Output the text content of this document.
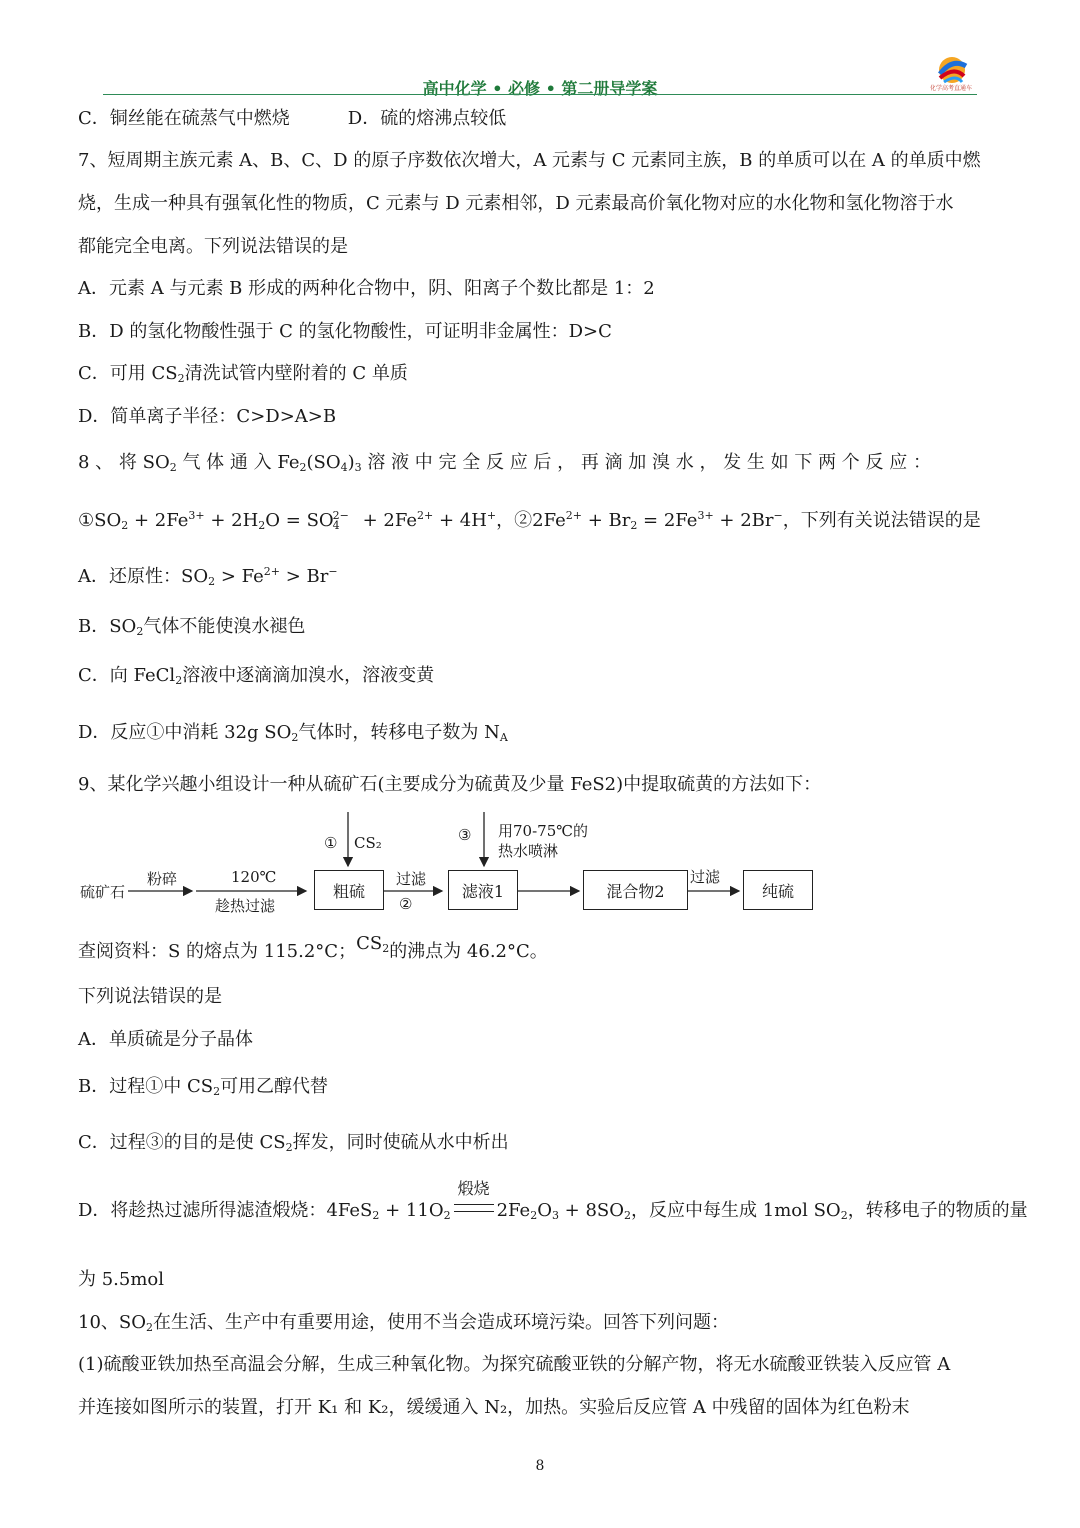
高中化学 • 必修 • 第二册导学案	化学高考直通车
C．铜丝能在硫蒸气中燃烧	D．硫的熔沸点较低
7、短周期主族元素 A、B、C、D 的原子序数依次增大，A 元素与 C 元素同主族，B 的单质可以在 A 的单质中燃
烧，生成一种具有强氧化性的物质，C 元素与 D 元素相邻，D 元素最高价氧化物对应的水化物和氢化物溶于水
都能完全电离。下列说法错误的是
A．元素 A 与元素 B 形成的两种化合物中，阴、阳离子个数比都是 1：2
B．D 的氢化物酸性强于 C 的氢化物酸性，可证明非金属性：D>C
C．可用 $CS_2$清洗试管内壁附着的 C 单质
D．简单离子半径：C>D>A>B
8 、 将 $SO_2$ 气 体 通 入 $Fe_2(SO_4)_3$ 溶 液 中 完 全 反 应 后 ， 再 滴 加 溴 水 ， 发 生 如 下 两 个 反 应 ：
$①SO_2 + 2Fe^{3+} + 2H_2O = SO_4^{2-} + 2Fe^{2+} + 4H^+$，$②2Fe^{2+} + Br_2 = 2Fe^{3+} + 2Br^-$，下列有关说法错误的是
A．还原性：$SO_2 > Fe^{2+} > Br^-$
B．$SO_2$气体不能使溴水褪色
C．向 FeCl$_2$溶液中逐滴滴加溴水，溶液变黄
D．反应①中消耗 32g $SO_2$气体时，转移电子数为 $N_A$
9、某化学兴趣小组设计一种从硫矿石(主要成分为硫黄及少量 FeS2)中提取硫黄的方法如下：
硫矿石
粉碎	120℃
趁热过滤
粗硫
① CS₂
过滤
②
滤液1
③ 用70-75℃的
热水喷淋
混合物2
过滤
纯硫
查阅资料：S 的熔点为 115.2°C；$CS_2$的沸点为 46.2°C。
下列说法错误的是
A．单质硫是分子晶体
B．过程①中 $CS_2$可用乙醇代替
C．过程③的目的是使 $CS_2$挥发，同时使硫从水中析出
D．将趁热过滤所得滤渣煅烧：$4FeS_2 + 11O_2$
煅烧
$2Fe_2O_3 + 8SO_2$，反应中每生成 1mol $SO_2$，转移电子的物质的量
为 5.5mol
10、$SO_2$在生活、生产中有重要用途，使用不当会造成环境污染。回答下列问题：
(1)硫酸亚铁加热至高温会分解，生成三种氧化物。为探究硫酸亚铁的分解产物，将无水硫酸亚铁装入反应管 A
并连接如图所示的装置，打开 K₁ 和 K₂，缓缓通入 N₂，加热。实验后反应管 A 中残留的固体为红色粉末
8
